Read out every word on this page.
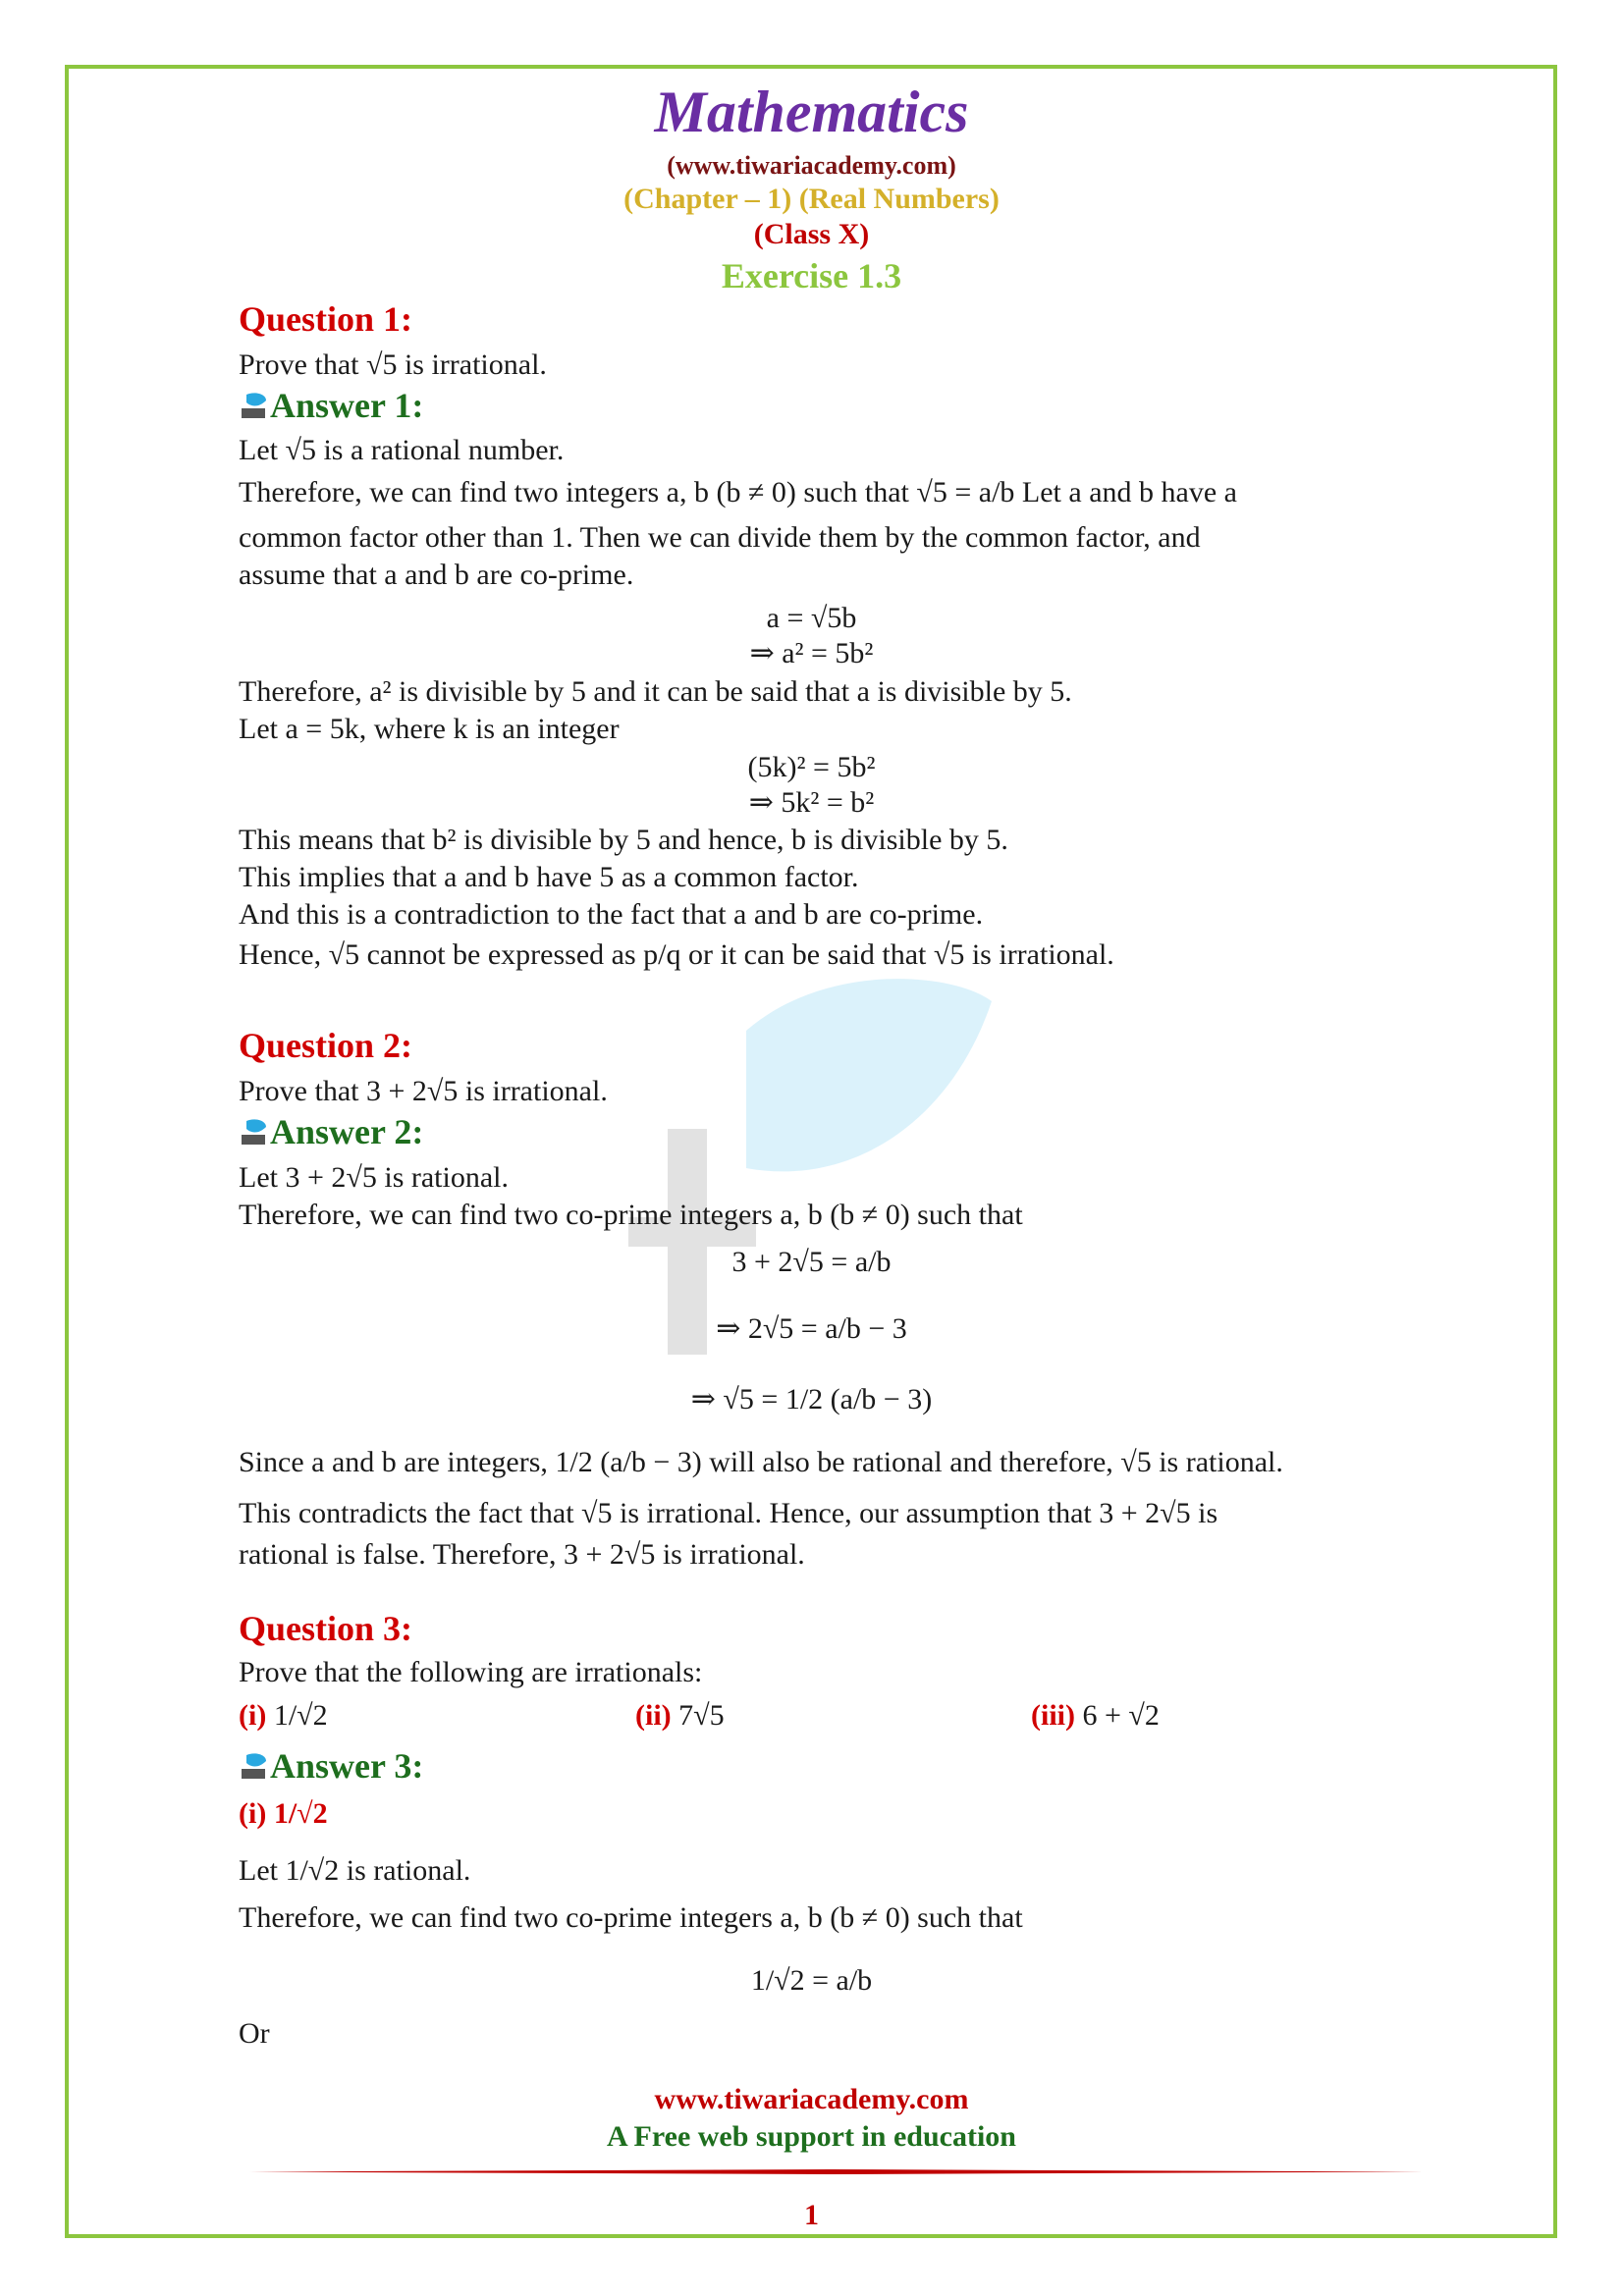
Mathematics
(www.tiwariacademy.com)
(Chapter – 1) (Real Numbers)
(Class X)
Exercise 1.3
Question 1:
Prove that √5 is irrational.
Answer 1:
Let √5 is a rational number.
Therefore, we can find two integers a, b (b ≠ 0) such that √5 = a/b Let a and b have a
common factor other than 1. Then we can divide them by the common factor, and
assume that a and b are co-prime.
a = √5b
⇒ a² = 5b²
Therefore, a² is divisible by 5 and it can be said that a is divisible by 5.
Let a = 5k, where k is an integer
(5k)² = 5b²
⇒ 5k² = b²
This means that b² is divisible by 5 and hence, b is divisible by 5.
This implies that a and b have 5 as a common factor.
And this is a contradiction to the fact that a and b are co-prime.
Hence, √5 cannot be expressed as p/q or it can be said that √5 is irrational.
Question 2:
Prove that 3 + 2√5 is irrational.
Answer 2:
Let 3 + 2√5 is rational.
Therefore, we can find two co-prime integers a, b (b ≠ 0) such that
3 + 2√5 = a/b
⇒ 2√5 = a/b − 3
⇒ √5 = 1/2 (a/b − 3)
Since a and b are integers, 1/2 (a/b − 3) will also be rational and therefore, √5 is rational.
This contradicts the fact that √5 is irrational. Hence, our assumption that 3 + 2√5 is
rational is false. Therefore, 3 + 2√5 is irrational.
Question 3:
Prove that the following are irrationals:
(i) 1/√2	(ii) 7√5	(iii) 6 + √2
Answer 3:
(i) 1/√2
Let 1/√2 is rational.
Therefore, we can find two co-prime integers a, b (b ≠ 0) such that
1/√2 = a/b
Or
www.tiwariacademy.com
A Free web support in education
1
